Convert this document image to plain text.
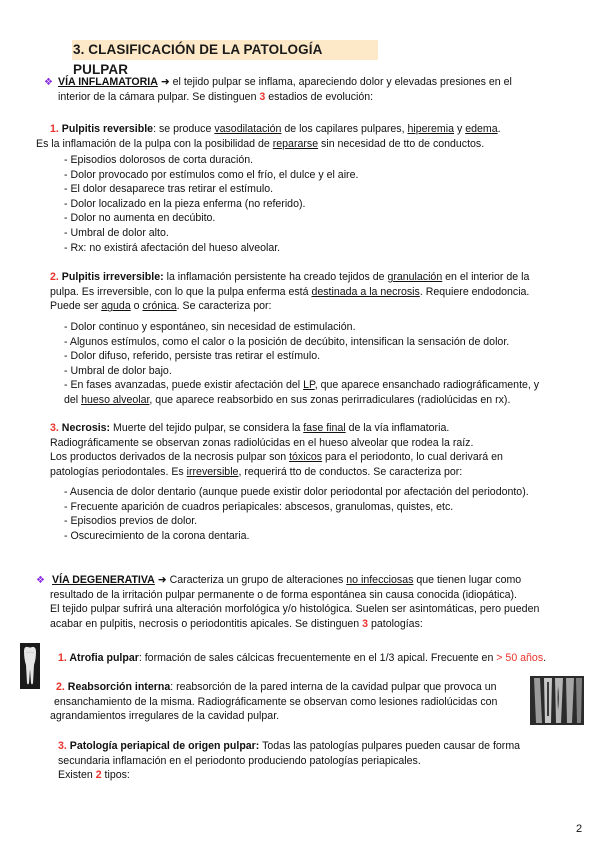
3. CLASIFICACIÓN DE LA PATOLOGÍA PULPAR
❖ VÍA INFLAMATORIA ➜ el tejido pulpar se inflama, apareciendo dolor y elevadas presiones en el

interior de la cámara pulpar. Se distinguen 3 estadios de evolución:

1. Pulpitis reversible: se produce vasodilatación de los capilares pulpares, hiperemia y edema.

Es la inflamación de la pulpa con la posibilidad de repararse sin necesidad de tto de conductos.

- Episodios dolorosos de corta duración.
- Dolor provocado por estímulos como el frío, el dulce y el aire.
- El dolor desaparece tras retirar el estímulo.
- Dolor localizado en la pieza enferma (no referido).
- Dolor no aumenta en decúbito.
- Umbral de dolor alto.
- Rx: no existirá afectación del hueso alveolar.

2. Pulpitis irreversible: la inflamación persistente ha creado tejidos de granulación en el interior de la

pulpa. Es irreversible, con lo que la pulpa enferma está destinada a la necrosis. Requiere endodoncia.

Puede ser aguda o crónica. Se caracteriza por:

- Dolor continuo y espontáneo, sin necesidad de estimulación.
- Algunos estímulos, como el calor o la posición de decúbito, intensifican la sensación de dolor.
- Dolor difuso, referido, persiste tras retirar el estímulo.
- Umbral de dolor bajo.
- En fases avanzadas, puede existir afectación del LP, que aparece ensanchado radiográficamente, y

del hueso alveolar, que aparece reabsorbido en sus zonas perirradiculares (radiolúcidas en rx).

3. Necrosis: Muerte del tejido pulpar, se considera la fase final de la vía inflamatoria.

Radiográficamente se observan zonas radiolúcidas en el hueso alveolar que rodea la raíz.

Los productos derivados de la necrosis pulpar son tóxicos para el periodonto, lo cual derivará en

patologías periodontales. Es irreversible, requerirá tto de conductos. Se caracteriza por:

- Ausencia de dolor dentario (aunque puede existir dolor periodontal por afectación del periodonto).
- Frecuente aparición de cuadros periapicales: abscesos, granulomas, quistes, etc.
- Episodios previos de dolor.
- Oscurecimiento de la corona dentaria.
❖ VÍA DEGENERATIVA ➜ Caracteriza un grupo de alteraciones no infecciosas que tienen lugar como

resultado de la irritación pulpar permanente o de forma espontánea sin causa conocida (idiopática).

El tejido pulpar sufrirá una alteración morfológica y/o histológica. Suelen ser asintomáticas, pero pueden

acabar en pulpitis, necrosis o periodontitis apicales. Se distinguen 3 patologías:

1. Atrofia pulpar: formación de sales cálcicas frecuentemente en el 1/3 apical. Frecuente en > 50 años.

2. Reabsorción interna: reabsorción de la pared interna de la cavidad pulpar que provoca un

ensanchamiento de la misma. Radiográficamente se observan como lesiones radiolúcidas con

agrandamientos irregulares de la cavidad pulpar.

3. Patología periapical de origen pulpar: Todas las patologías pulpares pueden causar de forma

secundaria inflamación en el periodonto produciendo patologías periapicales.

Existen 2 tipos:

2
